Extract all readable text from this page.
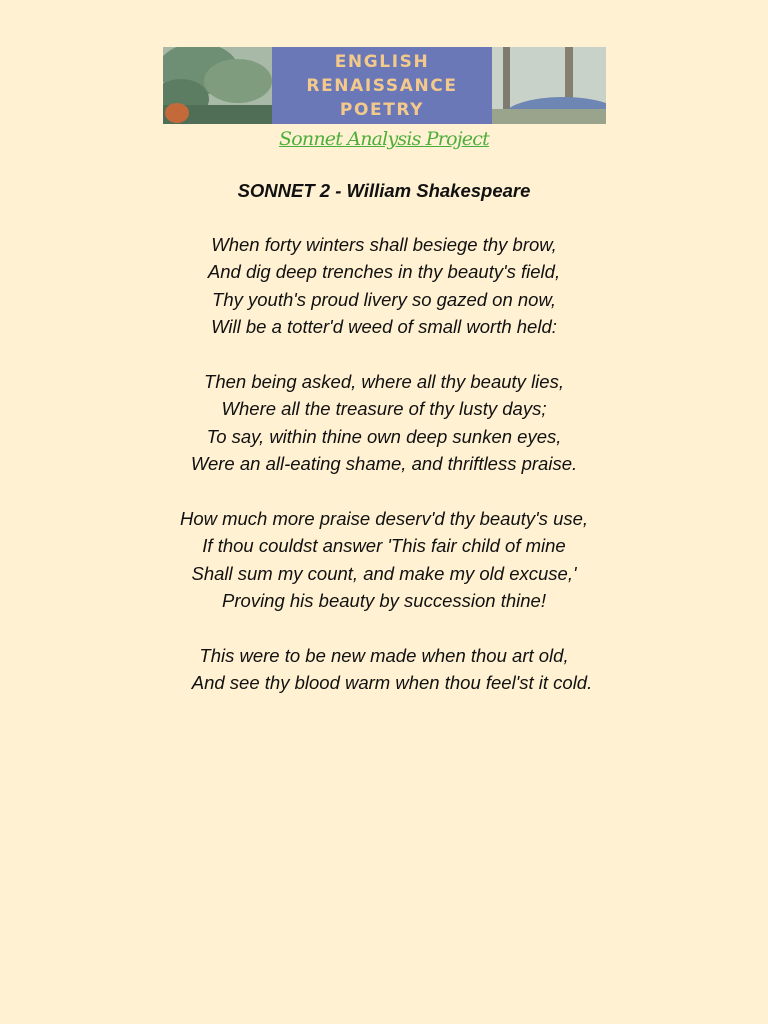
ENGLISH
RENAISSANCE
POETRY
Sonnet Analysis Project
SONNET 2 - William Shakespeare
When forty winters shall besiege thy brow,
And dig deep trenches in thy beauty's field,
Thy youth's proud livery so gazed on now,
Will be a totter'd weed of small worth held:
Then being asked, where all thy beauty lies,
Where all the treasure of thy lusty days;
To say, within thine own deep sunken eyes,
Were an all-eating shame, and thriftless praise.
How much more praise deserv'd thy beauty's use,
If thou couldst answer 'This fair child of mine
Shall sum my count, and make my old excuse,'
Proving his beauty by succession thine!
This were to be new made when thou art old,
And see thy blood warm when thou feel'st it cold.
